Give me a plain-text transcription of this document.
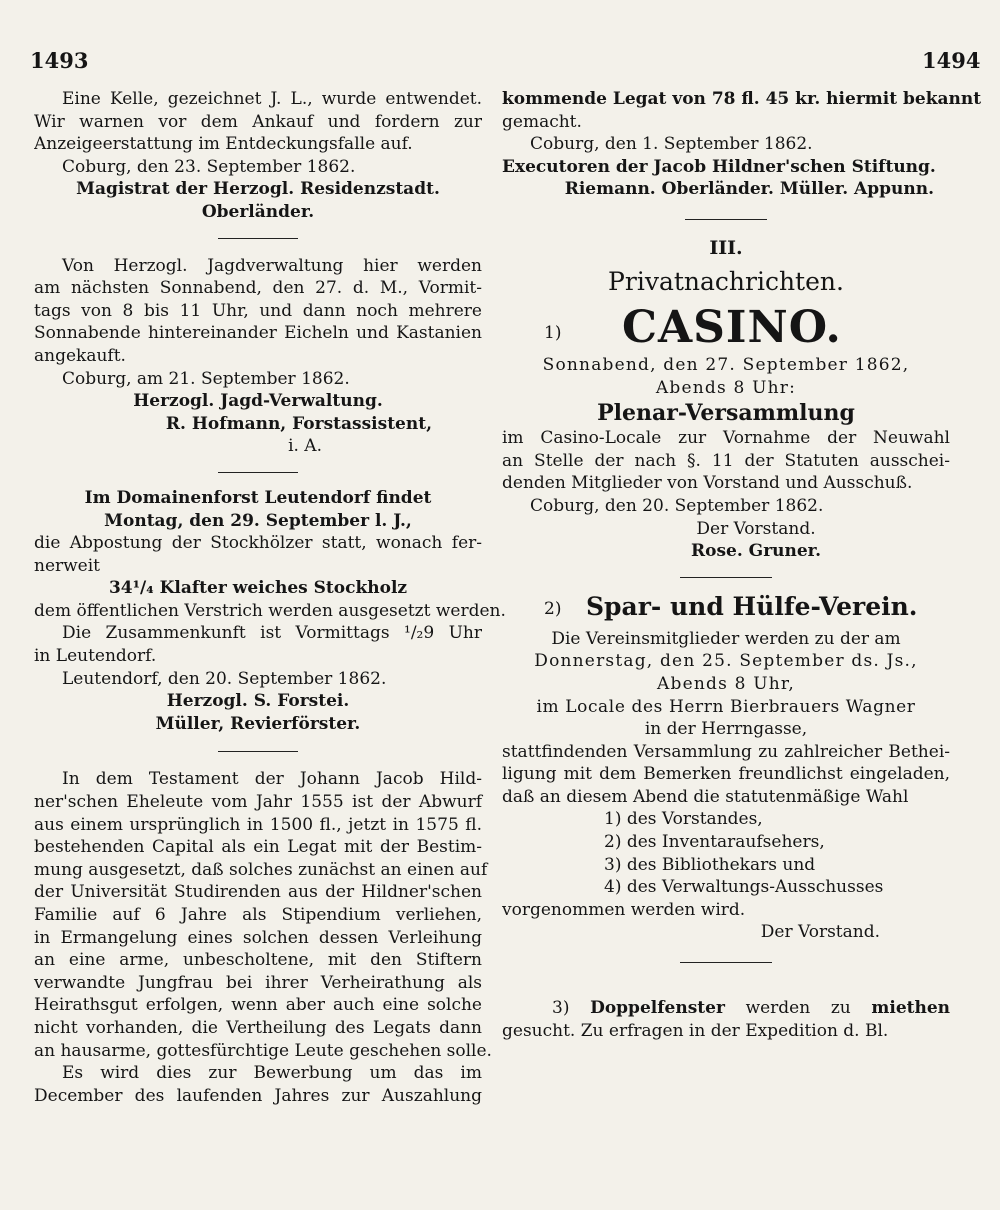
1493	1494

Eine Kelle, gezeichnet J. L., wurde entwendet.

Wir warnen vor dem Ankauf und fordern zur

Anzeigeerstattung im Entdeckungsfalle auf.

Coburg, den 23. September 1862.

Magistrat der Herzogl. Residenzstadt.

Oberländer.

Von Herzogl. Jagdverwaltung hier werden

am nächsten Sonnabend, den 27. d. M., Vormit-

tags von 8 bis 11 Uhr, und dann noch mehrere

Sonnabende hintereinander Eicheln und Kastanien

angekauft.

Coburg, am 21. September 1862.

Herzogl. Jagd-Verwaltung.

R. Hofmann, Forstassistent,

i. A.

Im Domainenforst Leutendorf findet

Montag, den 29. September l. J.,

die Abpostung der Stockhölzer statt, wonach fer-

nerweit

34¹/₄ Klafter weiches Stockholz

dem öffentlichen Verstrich werden ausgesetzt werden.

Die Zusammenkunft ist Vormittags ¹/₂9 Uhr

in Leutendorf.

Leutendorf, den 20. September 1862.

Herzogl. S. Forstei.

Müller, Revierförster.

In dem Testament der Johann Jacob Hild-

ner'schen Eheleute vom Jahr 1555 ist der Abwurf

aus einem ursprünglich in 1500 fl., jetzt in 1575 fl.

bestehenden Capital als ein Legat mit der Bestim-

mung ausgesetzt, daß solches zunächst an einen auf

der Universität Studirenden aus der Hildner'schen

Familie auf 6 Jahre als Stipendium verliehen,

in Ermangelung eines solchen dessen Verleihung

an eine arme, unbescholtene, mit den Stiftern

verwandte Jungfrau bei ihrer Verheirathung als

Heirathsgut erfolgen, wenn aber auch eine solche

nicht vorhanden, die Vertheilung des Legats dann

an hausarme, gottesfürchtige Leute geschehen solle.

Es wird dies zur Bewerbung um das im

December des laufenden Jahres zur Auszahlung

kommende Legat von 78 fl. 45 kr. hiermit bekannt

gemacht.

Coburg, den 1. September 1862.

Executoren der Jacob Hildner'schen Stiftung.

Riemann. Oberländer. Müller. Appunn.

III.

Privatnachrichten.

1) CASINO.

Sonnabend, den 27. September 1862,

Abends 8 Uhr:

Plenar-Versammlung

im Casino-Locale zur Vornahme der Neuwahl

an Stelle der nach §. 11 der Statuten ausschei-

denden Mitglieder von Vorstand und Ausschuß.

Coburg, den 20. September 1862.

Der Vorstand.

Rose. Gruner.

2) Spar- und Hülfe-Verein.

Die Vereinsmitglieder werden zu der am

Donnerstag, den 25. September ds. Js.,

Abends 8 Uhr,

im Locale des Herrn Bierbrauers Wagner

in der Herrngasse,

stattfindenden Versammlung zu zahlreicher Bethei-

ligung mit dem Bemerken freundlichst eingeladen,

daß an diesem Abend die statutenmäßige Wahl

1) des Vorstandes,

2) des Inventaraufsehers,

3) des Bibliothekars und

4) des Verwaltungs-Ausschusses

vorgenommen werden wird.

Der Vorstand.

3) Doppelfenster werden zu miethen

gesucht. Zu erfragen in der Expedition d. Bl.
